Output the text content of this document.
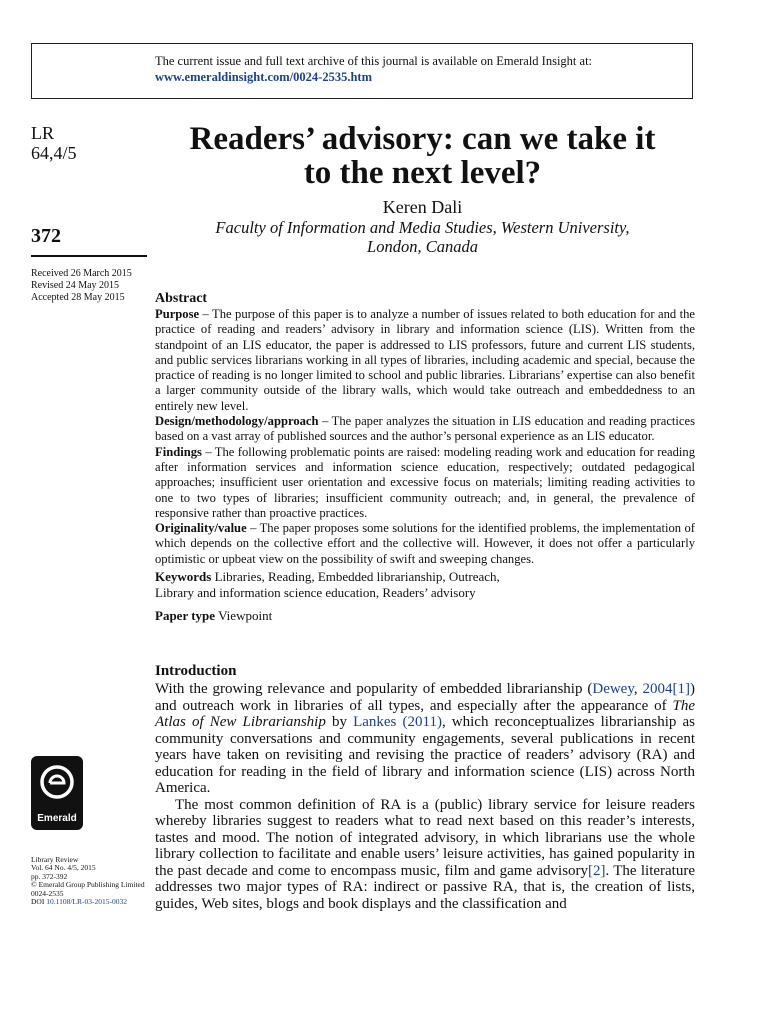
The current issue and full text archive of this journal is available on Emerald Insight at:
www.emeraldinsight.com/0024-2535.htm
LR
64,4/5
372
Received 26 March 2015
Revised 24 May 2015
Accepted 28 May 2015
Readers’ advisory: can we take it
to the next level?
Keren Dali
Faculty of Information and Media Studies, Western University,
London, Canada
Abstract

Purpose – The purpose of this paper is to analyze a number of issues related to both education for and the practice of reading and readers’ advisory in library and information science (LIS). Written from the standpoint of an LIS educator, the paper is addressed to LIS professors, future and current LIS students, and public services librarians working in all types of libraries, including academic and special, because the practice of reading is no longer limited to school and public libraries. Librarians’ expertise can also benefit a larger community outside of the library walls, which would take outreach and embeddedness to an entirely new level.

Design/methodology/approach – The paper analyzes the situation in LIS education and reading practices based on a vast array of published sources and the author’s personal experience as an LIS educator.

Findings – The following problematic points are raised: modeling reading work and education for reading after information services and information science education, respectively; outdated pedagogical approaches; insufficient user orientation and excessive focus on materials; limiting reading activities to one to two types of libraries; insufficient community outreach; and, in general, the prevalence of responsive rather than proactive practices.

Originality/value – The paper proposes some solutions for the identified problems, the implementation of which depends on the collective effort and the collective will. However, it does not offer a particularly optimistic or upbeat view on the possibility of swift and sweeping changes.

Keywords Libraries, Reading, Embedded librarianship, Outreach,
Library and information science education, Readers’ advisory

Paper type Viewpoint

Introduction

With the growing relevance and popularity of embedded librarianship (Dewey, 2004[1]) and outreach work in libraries of all types, and especially after the appearance of The Atlas of New Librarianship by Lankes (2011), which reconceptualizes librarianship as community conversations and community engagements, several publications in recent years have taken on revisiting and revising the practice of readers’ advisory (RA) and education for reading in the field of library and information science (LIS) across North America.

The most common definition of RA is a (public) library service for leisure readers whereby libraries suggest to readers what to read next based on this reader’s interests, tastes and mood. The notion of integrated advisory, in which librarians use the whole library collection to facilitate and enable users’ leisure activities, has gained popularity in the past decade and come to encompass music, film and game advisory[2]. The literature addresses two major types of RA: indirect or passive RA, that is, the creation of lists, guides, Web sites, blogs and book displays and the classification and

Emerald
Library Review
Vol. 64 No. 4/5, 2015
pp. 372-392
© Emerald Group Publishing Limited
0024-2535
DOI 10.1108/LR-03-2015-0032
